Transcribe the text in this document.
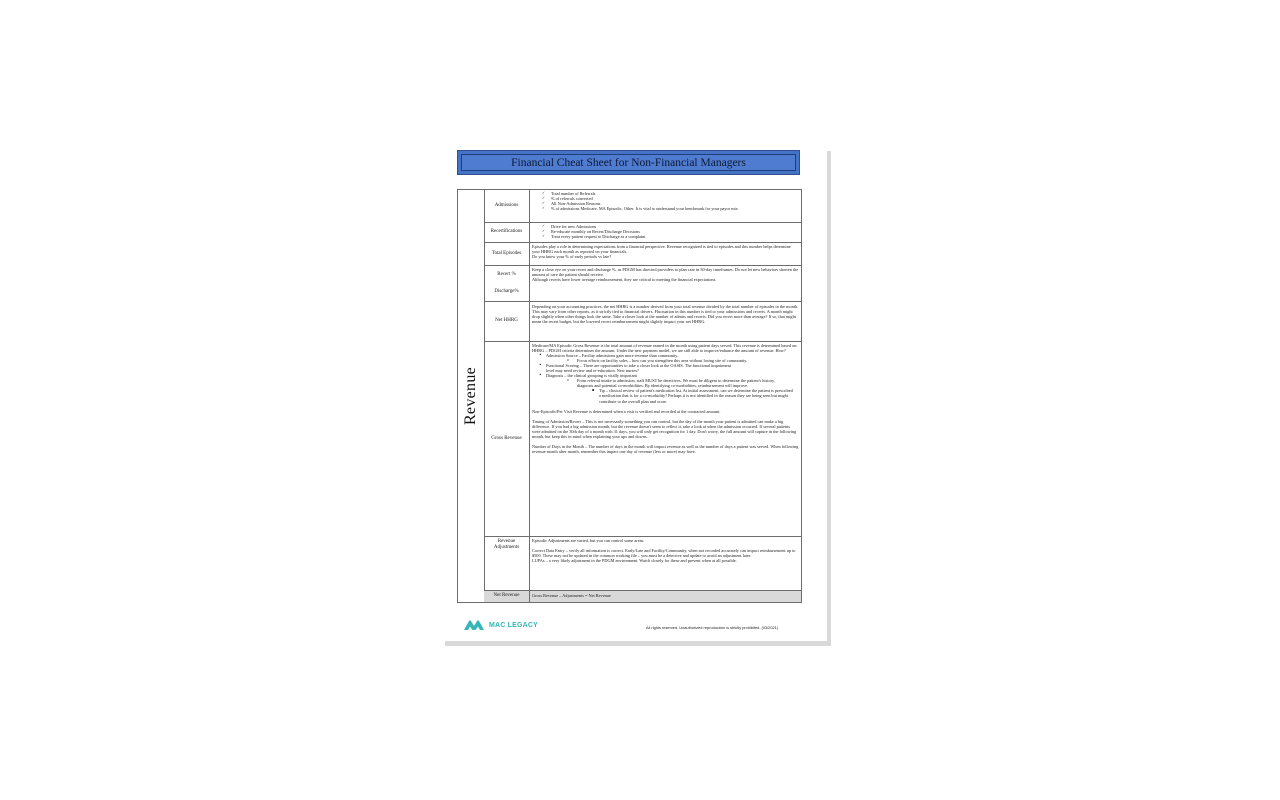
Financial Cheat Sheet for Non-Financial Managers
Revenue
Admissions
✓ Total number of Referrals
✓ % of referrals converted
✓ All Non-Admission Reasons
✓ % of admissions Medicare, MA Episodic, Other. It is vital to understand your benchmark for your payor mix
Recertifications
✓ Drive for new Admissions
✓ Re-educate monthly on Recert/Discharge Decisions
✓ Treat every patient request to Discharge as a complaint
Total Episodes

Episodes play a role in determining expectations from a financial perspective. Revenue recognized is tied to episodes and this number helps determine your HHRG each month as reported on your financials.

Do you know your % of early periods vs late?

Recert %
Discharge%

Keep a close eye on your recert and discharge %, as PDGM has directed providers to plan care in 30-day timeframes. Do not let new behaviors shorten the amount of care the patient should receive.

Although recerts have lower average reimbursement, they are critical to meeting the financial expectations.

Net HHRG

Depending on your accounting practices, the net HHRG is a number derived from your total revenue divided by the total number of episodes in the month. This may vary from other reports, as it strictly tied to financial drivers. Fluctuation in this number is tied to your admissions and recerts. A month might drop slightly when other things look the same. Take a closer look at the number of admits and recerts. Did you recert more than average? If so, that might mean the recert budget, but the lowered recert reimbursement might slightly impact your net HHRG.

Gross Revenue

Medicare/MA Episodic Gross Revenue is the total amount of revenue earned in the month using patient days served. This revenue is determined based on:

HHRG – PDGM criteria determines the amount. Under the new payment model, we are still able to improve/enhance the amount of revenue. How?

• Admission Source – Facility admissions gain more revenue than community.
o Focus efforts on facility sales – how can you strengthen this area without losing site of community.
• Functional Scoring – There are opportunities to take a closer look at the OASIS. The functional impairment level may need review and re-education. New nurses?
• Diagnosis – the clinical grouping is vitally important
o From referral intake to admission, staff MUST be detectives. We must be diligent to determine the patient's history, diagnosis and potential co-morbidities. By identifying co-morbidities, reimbursement will improve.
▪ Tip – clinical review of patient's medication list. At initial assessment, can we determine the patient is prescribed a medication that is for a co-morbidity? Perhaps it is not identified in the reason they are being seen but might contribute to the overall plan and score.

Non-Episodic/Per Visit Revenue is determined when a visit is verified and recorded at the contracted amount.

Timing of Admission/Recert – This is not necessarily something you can control, but the day of the month your patient is admitted can make a big difference. If you had a big admission month, but the revenue doesn't seem to reflect it, take a look at when the admission occurred. If several patients were admitted on the 30th day of a month with 31 days, you will only get recognition for 1 day. Don't worry, the full amount will capture in the following month, but keep this in mind when explaining your ups and downs.

Number of Days in the Month – The number of days in the month will impact revenue as well as the number of days a patient was served. When following revenue month after month, remember this impact one day of revenue (less or more) may have.

Revenue
Adjustments

Episodic Adjustments are varied, but you can control some areas:

Correct Data Entry – verify all information is correct. Early/Late and Facility/Community, when not recorded accurately can impact reimbursement up to $500. These may not be updated in the common working file – you must be a detective and update to avoid an adjustment later.

LUPAs – a very likely adjustment in the PDGM environment. Watch closely for these and prevent when at all possible.

Net Revenue	Gross Revenue – Adjustments = Net Revenue
MAC LEGACY	All rights reserved. Unauthorized reproduction is strictly prohibited. (03/2021)
